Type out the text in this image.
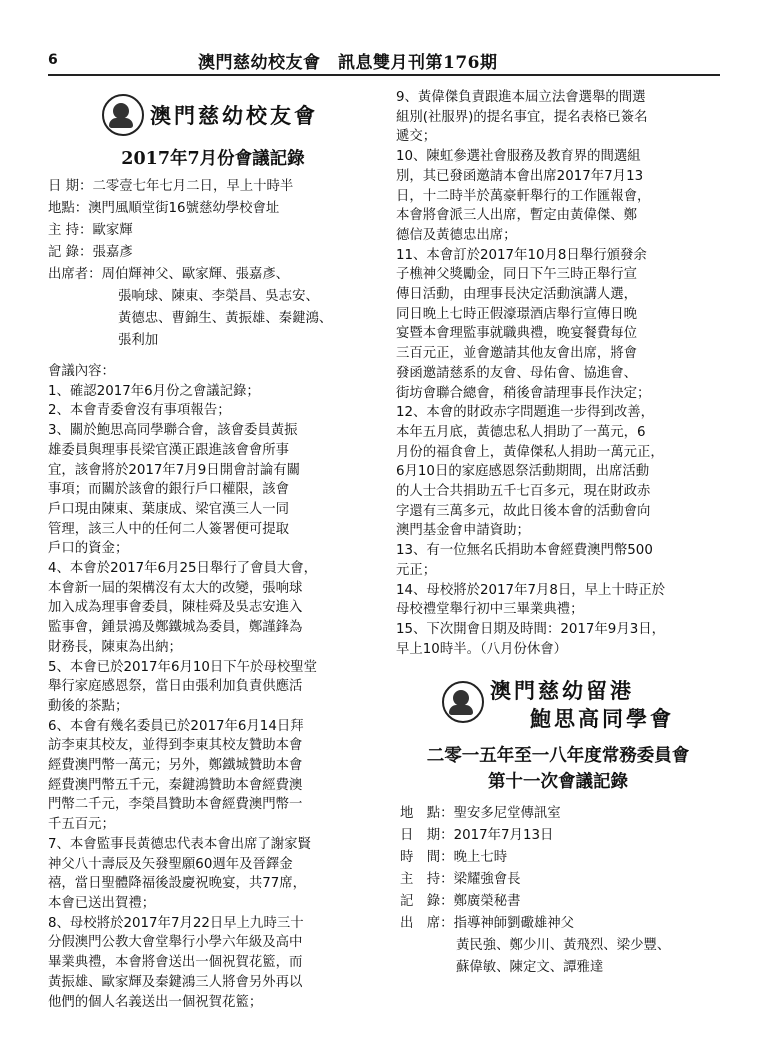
6	澳門慈幼校友會　訊息雙月刊第176期
澳門慈幼校友會
2017年7月份會議記錄
日 期： 二零壹七年七月二日，早上十時半
地點： 澳門風順堂街16號慈幼學校會址
主 持： 歐家輝
記 錄： 張嘉彥
出席者： 周伯輝神父、歐家輝、張嘉彥、
張响球、陳東、李榮昌、吳志安、
黃德忠、曹錦生、黃振雄、秦鍵鴻、
張利加
會議內容：
1、確認2017年6月份之會議記錄；
2、本會青委會沒有事項報告；
3、關於鮑思高同學聯合會，該會委員黃振
雄委員與理事長梁官漢正跟進該會會所事
宜，該會將於2017年7月9日開會討論有關
事項；而關於該會的銀行戶口權限，該會
戶口現由陳東、葉康成、梁官漢三人一同
管理，該三人中的任何二人簽署便可提取
戶口的資金；
4、本會於2017年6月25日舉行了會員大會，
本會新一屆的架構沒有太大的改變，張响球
加入成為理事會委員，陳桂舜及吳志安進入
監事會，鍾景鴻及鄭鐵城為委員，鄭謹鋒為
財務長，陳東為出納；
5、本會已於2017年6月10日下午於母校聖堂
舉行家庭感恩祭，當日由張利加負責供應活
動後的茶點；
6、本會有幾名委員已於2017年6月14日拜
訪李東其校友，並得到李東其校友贊助本會
經費澳門幣一萬元；另外，鄭鐵城贊助本會
經費澳門幣五千元，秦鍵鴻贊助本會經費澳
門幣二千元，李榮昌贊助本會經費澳門幣一
千五百元；
7、本會監事長黃德忠代表本會出席了謝家賢
神父八十壽辰及矢發聖願60週年及晉鐸金
禧，當日聖體降福後設慶祝晚宴，共77席，
本會已送出賀禮；
8、母校將於2017年7月22日早上九時三十
分假澳門公教大會堂舉行小學六年級及高中
畢業典禮，本會將會送出一個祝賀花籃，而
黃振雄、歐家輝及秦鍵鴻三人將會另外再以
他們的個人名義送出一個祝賀花籃；
9、黃偉傑負責跟進本屆立法會選舉的間選
組別(社服界)的提名事宜，提名表格已簽名
遞交；
10、陳虹參選社會服務及教育界的間選組
別，其已發函邀請本會出席2017年7月13
日，十二時半於萬豪軒舉行的工作匯報會，
本會將會派三人出席，暫定由黃偉傑、鄭
德信及黃德忠出席；
11、本會訂於2017年10月8日舉行頒發余
子樵神父獎勵金，同日下午三時正舉行宣
傳日活動，由理事長決定活動演講人選，
同日晚上七時正假濠璟酒店舉行宣傳日晚
宴暨本會理監事就職典禮，晚宴餐費每位
三百元正，並會邀請其他友會出席，將會
發函邀請慈系的友會、母佑會、協進會、
街坊會聯合總會，稍後會請理事長作決定；
12、本會的財政赤字問題進一步得到改善，
本年五月底，黃德忠私人捐助了一萬元，6
月份的福食會上，黃偉傑私人捐助一萬元正，
6月10日的家庭感恩祭活動期間，出席活動
的人士合共捐助五千七百多元，現在財政赤
字還有三萬多元，故此日後本會的活動會向
澳門基金會申請資助；
13、有一位無名氏捐助本會經費澳門幣500
元正；
14、母校將於2017年7月8日，早上十時正於
母校禮堂舉行初中三畢業典禮；
15、下次開會日期及時間：2017年9月3日，
早上10時半。（八月份休會）
澳門慈幼留港
鮑思高同學會
二零一五年至一八年度常務委員會
第十一次會議記錄
地　點： 聖安多尼堂傳訊室
日　期： 2017年7月13日
時　間： 晚上七時
主　持： 梁耀強會長
記　錄： 鄭廣榮秘書
出　席： 指導神師劉礮雄神父
黃民強、鄭少川、黃飛烈、梁少豐、
蘇偉敏、陳定文、譚雅達
